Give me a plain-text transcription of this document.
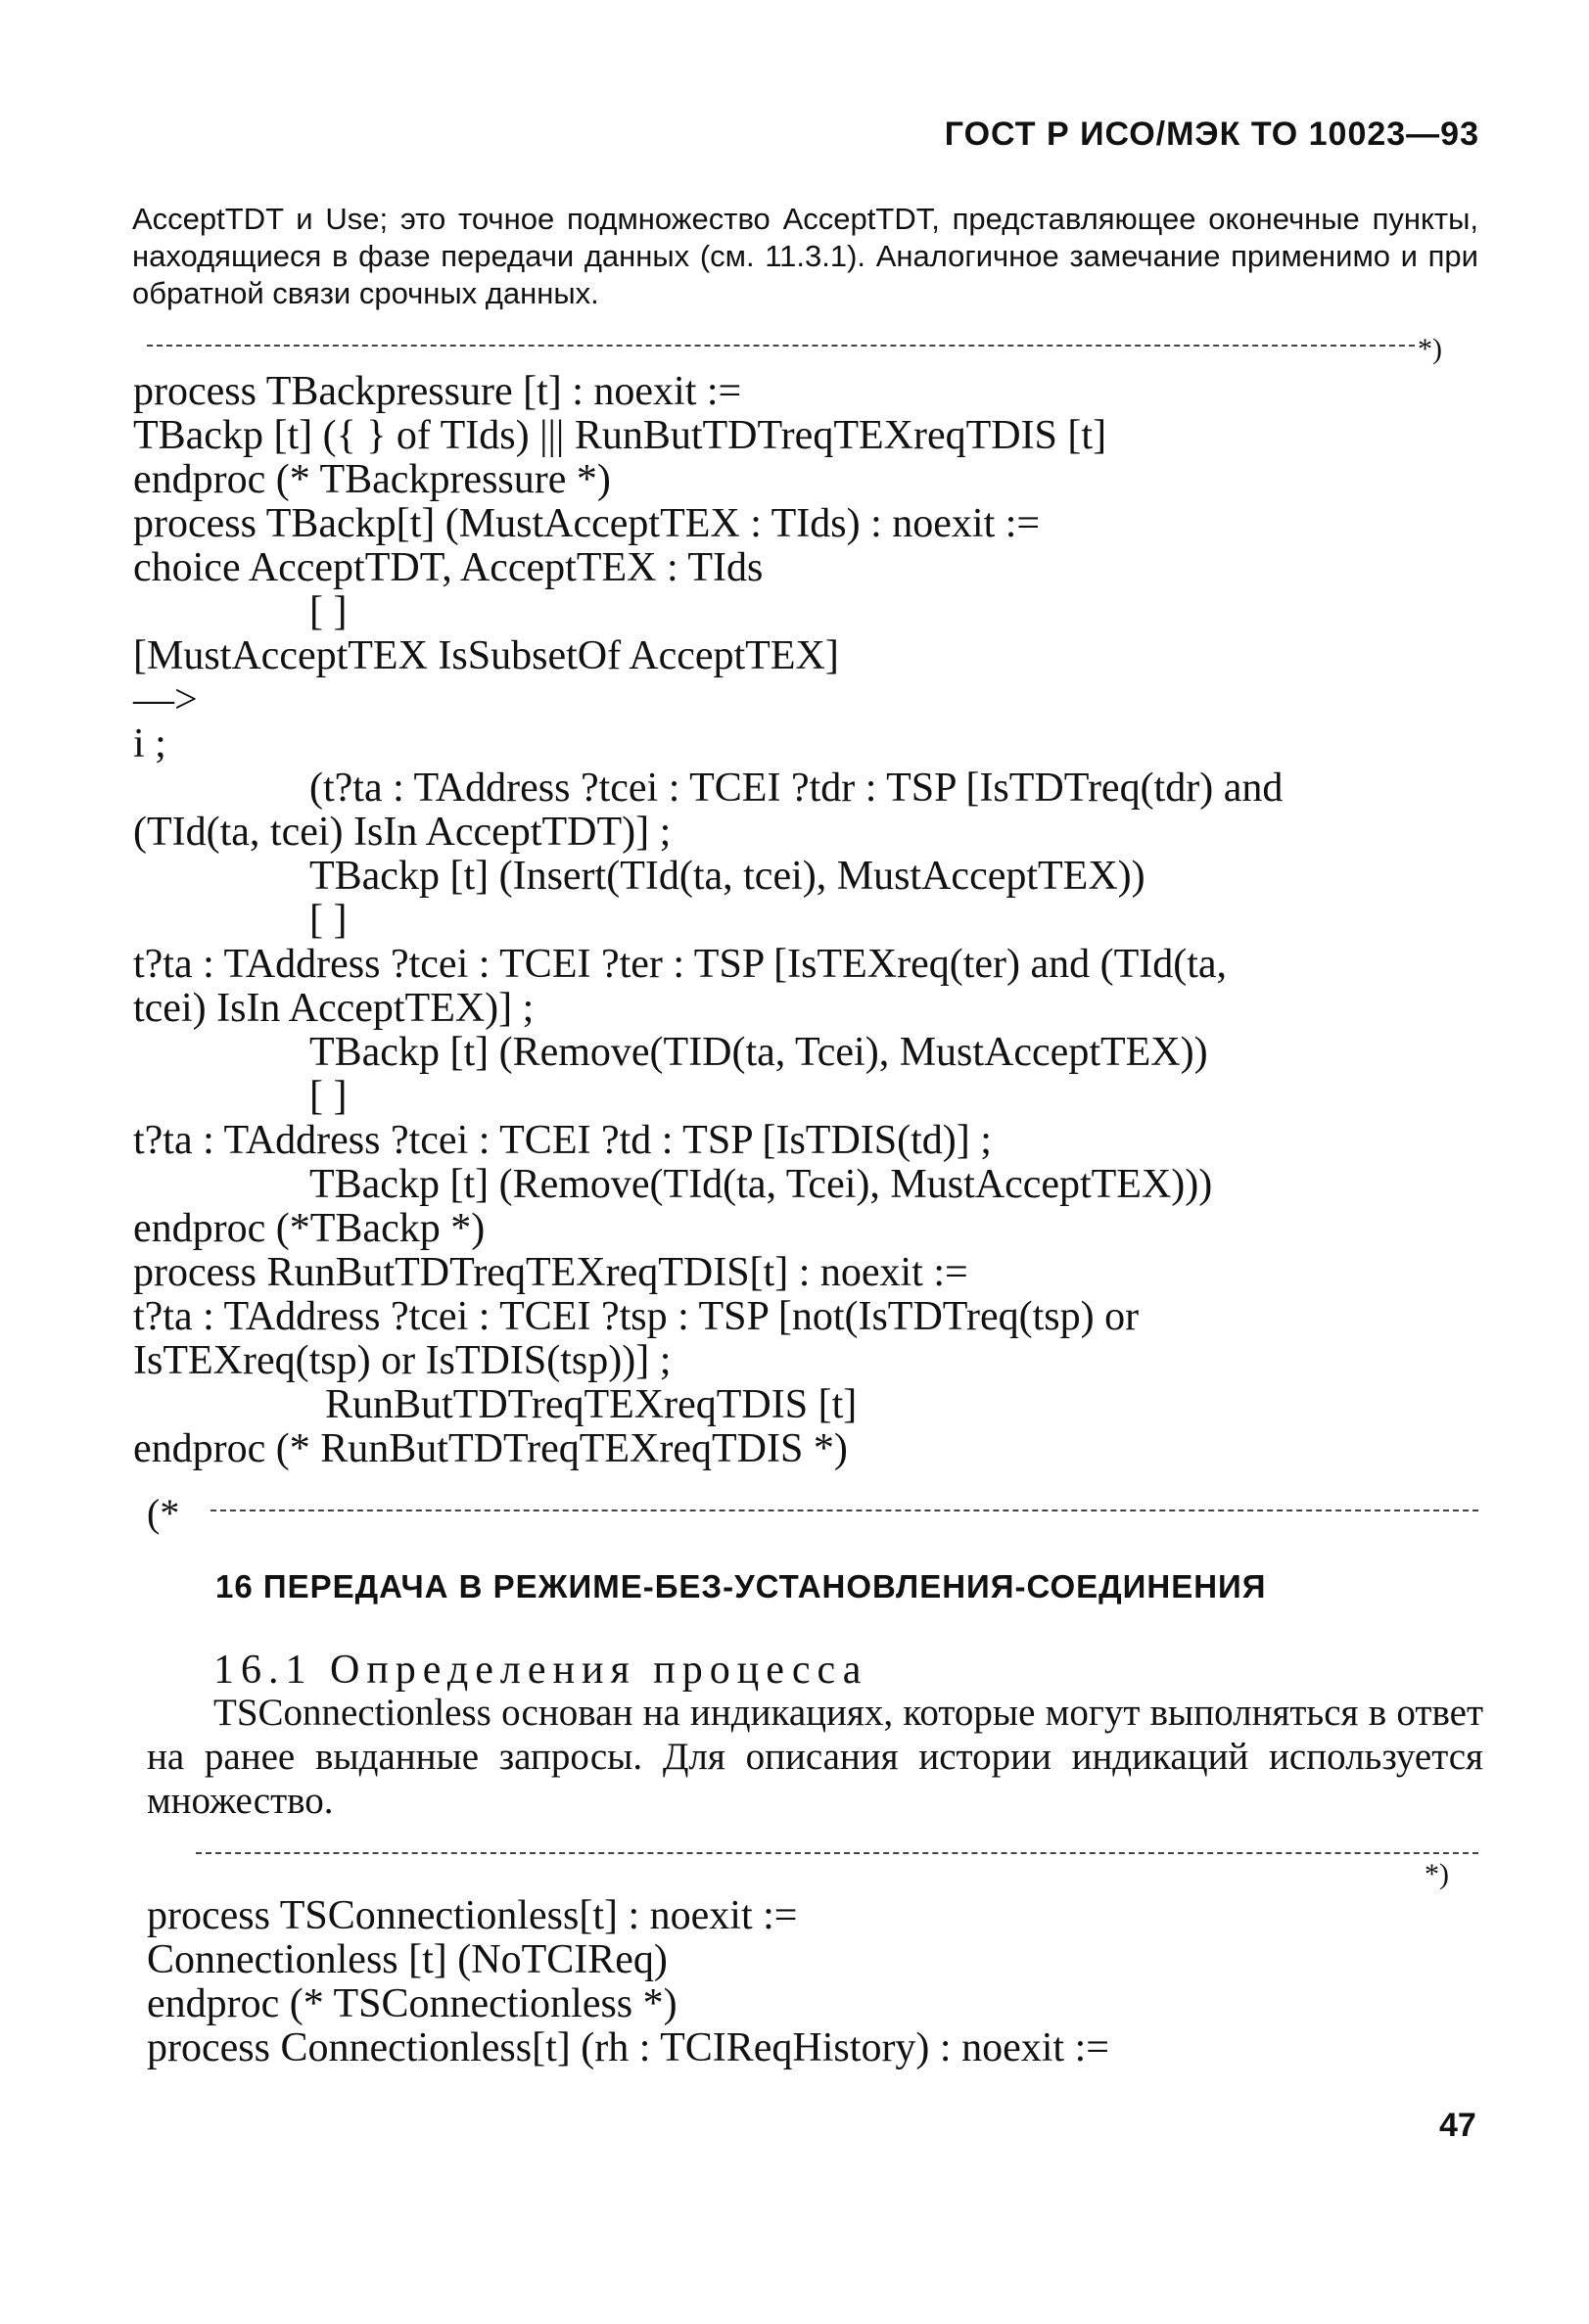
ГОСТ Р ИСО/МЭК ТО 10023—93
AcceptTDT и Use; это точное подмножество AcceptTDT, представляющее оконечные пункты, находящиеся в фазе передачи данных (см. 11.3.1). Аналогичное замечание применимо и при обратной связи срочных данных.
*)
process TBackpressure [t] : noexit :=
TBackp [t] ({ } of TIds) ||| RunButTDTreqTEXreqTDIS [t]
endproc (* TBackpressure *)
process TBackp[t] (MustAcceptTEX : TIds) : noexit :=
choice AcceptTDT, AcceptTEX : TIds
[ ]
[MustAcceptTEX IsSubsetOf AcceptTEX]
—>
i ;
(t?ta : TAddress ?tcei : TCEI ?tdr : TSP [IsTDTreq(tdr) and
(TId(ta, tcei) IsIn AcceptTDT)] ;
TBackp [t] (Insert(TId(ta, tcei), MustAcceptTEX))
[ ]
t?ta : TAddress ?tcei : TCEI ?ter : TSP [IsTEXreq(ter) and (TId(ta,
tcei) IsIn AcceptTEX)] ;
TBackp [t] (Remove(TID(ta, Tcei), MustAcceptTEX))
[ ]
t?ta : TAddress ?tcei : TCEI ?td : TSP [IsTDIS(td)] ;
TBackp [t] (Remove(TId(ta, Tcei), MustAcceptTEX)))
endproc (*TBackp *)
process RunButTDTreqTEXreqTDIS[t] : noexit :=
t?ta : TAddress ?tcei : TCEI ?tsp : TSP [not(IsTDTreq(tsp) or
IsTEXreq(tsp) or IsTDIS(tsp))] ;
RunButTDTreqTEXreqTDIS [t]
endproc (* RunButTDTreqTEXreqTDIS *)
(*
16 ПЕРЕДАЧА В РЕЖИМЕ-БЕЗ-УСТАНОВЛЕНИЯ-СОЕДИНЕНИЯ
16.1 Определения процесса
TSConnectionless основан на индикациях, которые могут выполняться в ответ на ранее выданные запросы. Для описания истории индикаций используется множество.
*)
process TSConnectionless[t] : noexit :=
Connectionless [t] (NoTCIReq)
endproc (* TSConnectionless *)
process Connectionless[t] (rh : TCIReqHistory) : noexit :=
47
